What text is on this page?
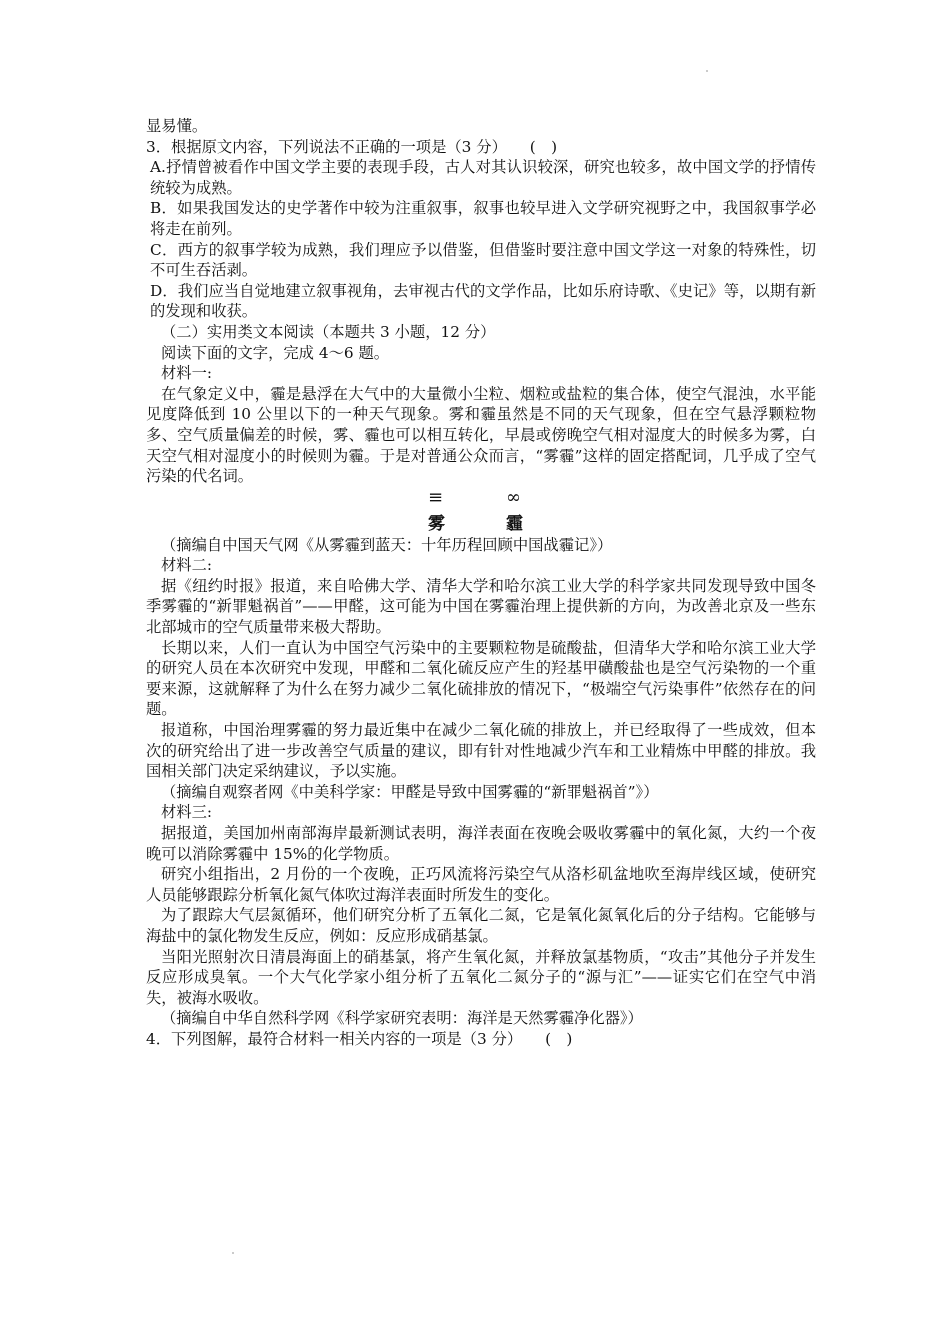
显易懂。

3．根据原文内容，下列说法不正确的一项是（3 分）　　(　)

A.抒情曾被看作中国文学主要的表现手段，古人对其认识较深，研究也较多，故中国文学的抒情传统较为成熟。

B．如果我国发达的史学著作中较为注重叙事，叙事也较早进入文学研究视野之中，我国叙事学必将走在前列。

C．西方的叙事学较为成熟，我们理应予以借鉴，但借鉴时要注意中国文学这一对象的特殊性，切不可生吞活剥。

D．我们应当自觉地建立叙事视角，去审视古代的文学作品，比如乐府诗歌、《史记》等，以期有新的发现和收获。

（二）实用类文本阅读（本题共 3 小题，12 分）

阅读下面的文字，完成 4～6 题。

材料一:

在气象定义中，霾是悬浮在大气中的大量微小尘粒、烟粒或盐粒的集合体，使空气混浊，水平能见度降低到 10 公里以下的一种天气现象。雾和霾虽然是不同的天气现象，但在空气悬浮颗粒物多、空气质量偏差的时候，雾、霾也可以相互转化，早晨或傍晚空气相对湿度大的时候多为雾，白天空气相对湿度小的时候则为霾。于是对普通公众而言，“雾霾”这样的固定搭配词，几乎成了空气污染的代名词。

≡	∞
雾	霾

（摘编自中国天气网《从雾霾到蓝天：十年历程回顾中国战霾记》）

材料二:

据《纽约时报》报道，来自哈佛大学、清华大学和哈尔滨工业大学的科学家共同发现导致中国冬季雾霾的“新罪魁祸首”——甲醛，这可能为中国在雾霾治理上提供新的方向，为改善北京及一些东北部城市的空气质量带来极大帮助。

长期以来，人们一直认为中国空气污染中的主要颗粒物是硫酸盐，但清华大学和哈尔滨工业大学的研究人员在本次研究中发现，甲醛和二氧化硫反应产生的羟基甲磺酸盐也是空气污染物的一个重要来源，这就解释了为什么在努力减少二氧化硫排放的情况下，“极端空气污染事件”依然存在的问题。

报道称，中国治理雾霾的努力最近集中在减少二氧化硫的排放上，并已经取得了一些成效，但本次的研究给出了进一步改善空气质量的建议，即有针对性地减少汽车和工业精炼中甲醛的排放。我国相关部门决定采纳建议，予以实施。

（摘编自观察者网《中美科学家：甲醛是导致中国雾霾的“新罪魁祸首”》）

材料三:

据报道，美国加州南部海岸最新测试表明，海洋表面在夜晚会吸收雾霾中的氧化氮，大约一个夜晚可以消除雾霾中 15%的化学物质。

研究小组指出，2 月份的一个夜晚，正巧风流将污染空气从洛杉矶盆地吹至海岸线区域，使研究人员能够跟踪分析氧化氮气体吹过海洋表面时所发生的变化。

为了跟踪大气层氮循环，他们研究分析了五氧化二氮，它是氧化氮氧化后的分子结构。它能够与海盐中的氯化物发生反应，例如：反应形成硝基氯。

当阳光照射次日清晨海面上的硝基氯，将产生氧化氮，并释放氯基物质，“攻击”其他分子并发生反应形成臭氧。一个大气化学家小组分析了五氧化二氮分子的“源与汇”——证实它们在空气中消失，被海水吸收。

（摘编自中华自然科学网《科学家研究表明：海洋是天然雾霾净化器》）

4．下列图解，最符合材料一相关内容的一项是（3 分）　　(　)
